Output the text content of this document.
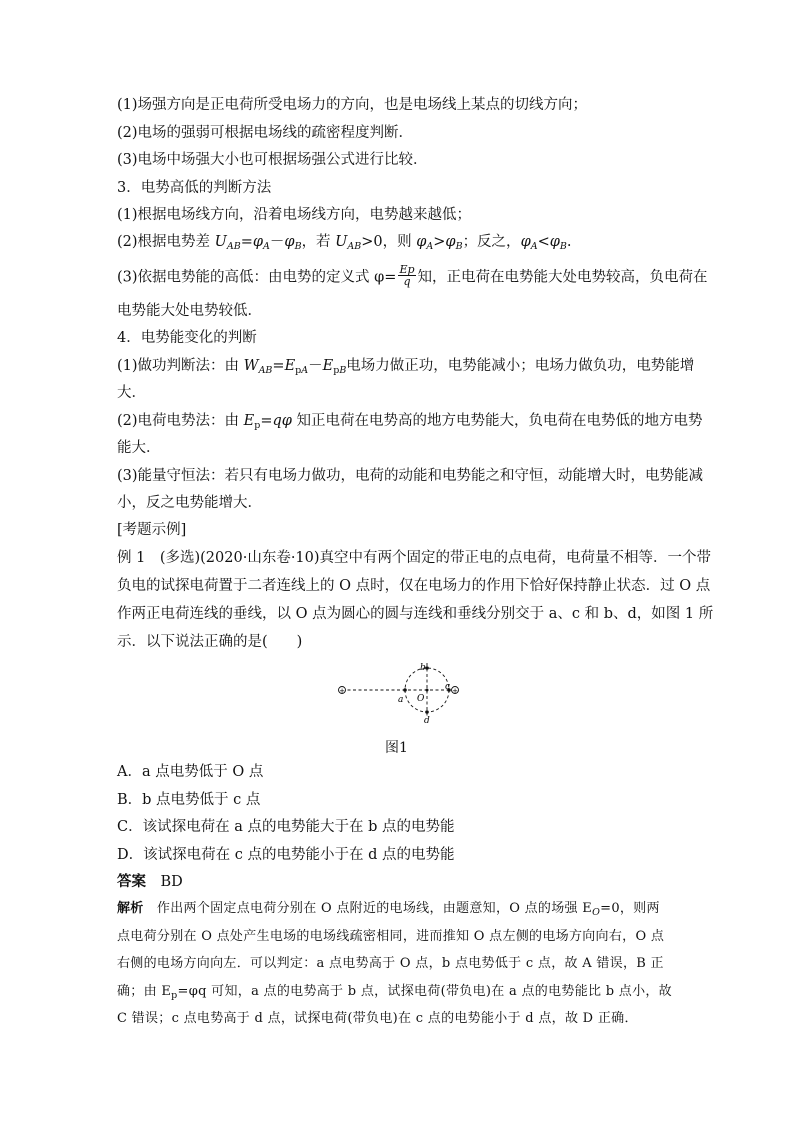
(1)场强方向是正电荷所受电场力的方向，也是电场线上某点的切线方向；
(2)电场的强弱可根据电场线的疏密程度判断．
(3)电场中场强大小也可根据场强公式进行比较．
3．电势高低的判断方法
(1)根据电场线方向，沿着电场线方向，电势越来越低；
(2)根据电势差 $U_{AB}=\varphi_A-\varphi_B$，若 $U_{AB}>0$，则 $\varphi_A>\varphi_B$；反之，$\varphi_A<\varphi_B$.
(3)依据电势能的高低：由电势的定义式 $\varphi= \frac{Ep}{q}$ 知，正电荷在电势能大处电势较高，负电荷在
电势能大处电势较低．
4．电势能变化的判断
(1)做功判断法：由 $W_{AB}=E_{pA}-E_{pB}$电场力做正功，电势能减小；电场力做负功，电势能增
大．
(2)电荷电势法：由 $E_p=q\varphi$ 知正电荷在电势高的地方电势能大，负电荷在电势低的地方电势
能大．
(3)能量守恒法：若只有电场力做功，电荷的动能和电势能之和守恒，动能增大时，电势能减
小，反之电势能增大．
[考题示例]
例 1　(多选)(2020·山东卷·10)真空中有两个固定的带正电的点电荷，电荷量不相等．一个带
负电的试探电荷置于二者连线上的 O 点时，仅在电场力的作用下恰好保持静止状态．过 O 点
作两正电荷连线的垂线，以 O 点为圆心的圆与连线和垂线分别交于 a、c 和 b、d，如图 1 所
示．以下说法正确的是(　　)
+	+
a
b
c
d
O
图1
A．a 点电势低于 O 点
B．b 点电势低于 c 点
C．该试探电荷在 a 点的电势能大于在 b 点的电势能
D．该试探电荷在 c 点的电势能小于在 d 点的电势能
答案　 BD
解析　 作出两个固定点电荷分别在 O 点附近的电场线，由题意知，O 点的场强 $E_O=0$，则两
点电荷分别在 O 点处产生电场的电场线疏密相同，进而推知 O 点左侧的电场方向向右，O 点
右侧的电场方向向左．可以判定：a 点电势高于 O 点，b 点电势低于 c 点，故 A 错误，B 正
确；由 $E_p=\varphi q$ 可知，a 点的电势高于 b 点，试探电荷(带负电)在 a 点的电势能比 b 点小，故
C 错误；c 点电势高于 d 点，试探电荷(带负电)在 c 点的电势能小于 d 点，故 D 正确．
